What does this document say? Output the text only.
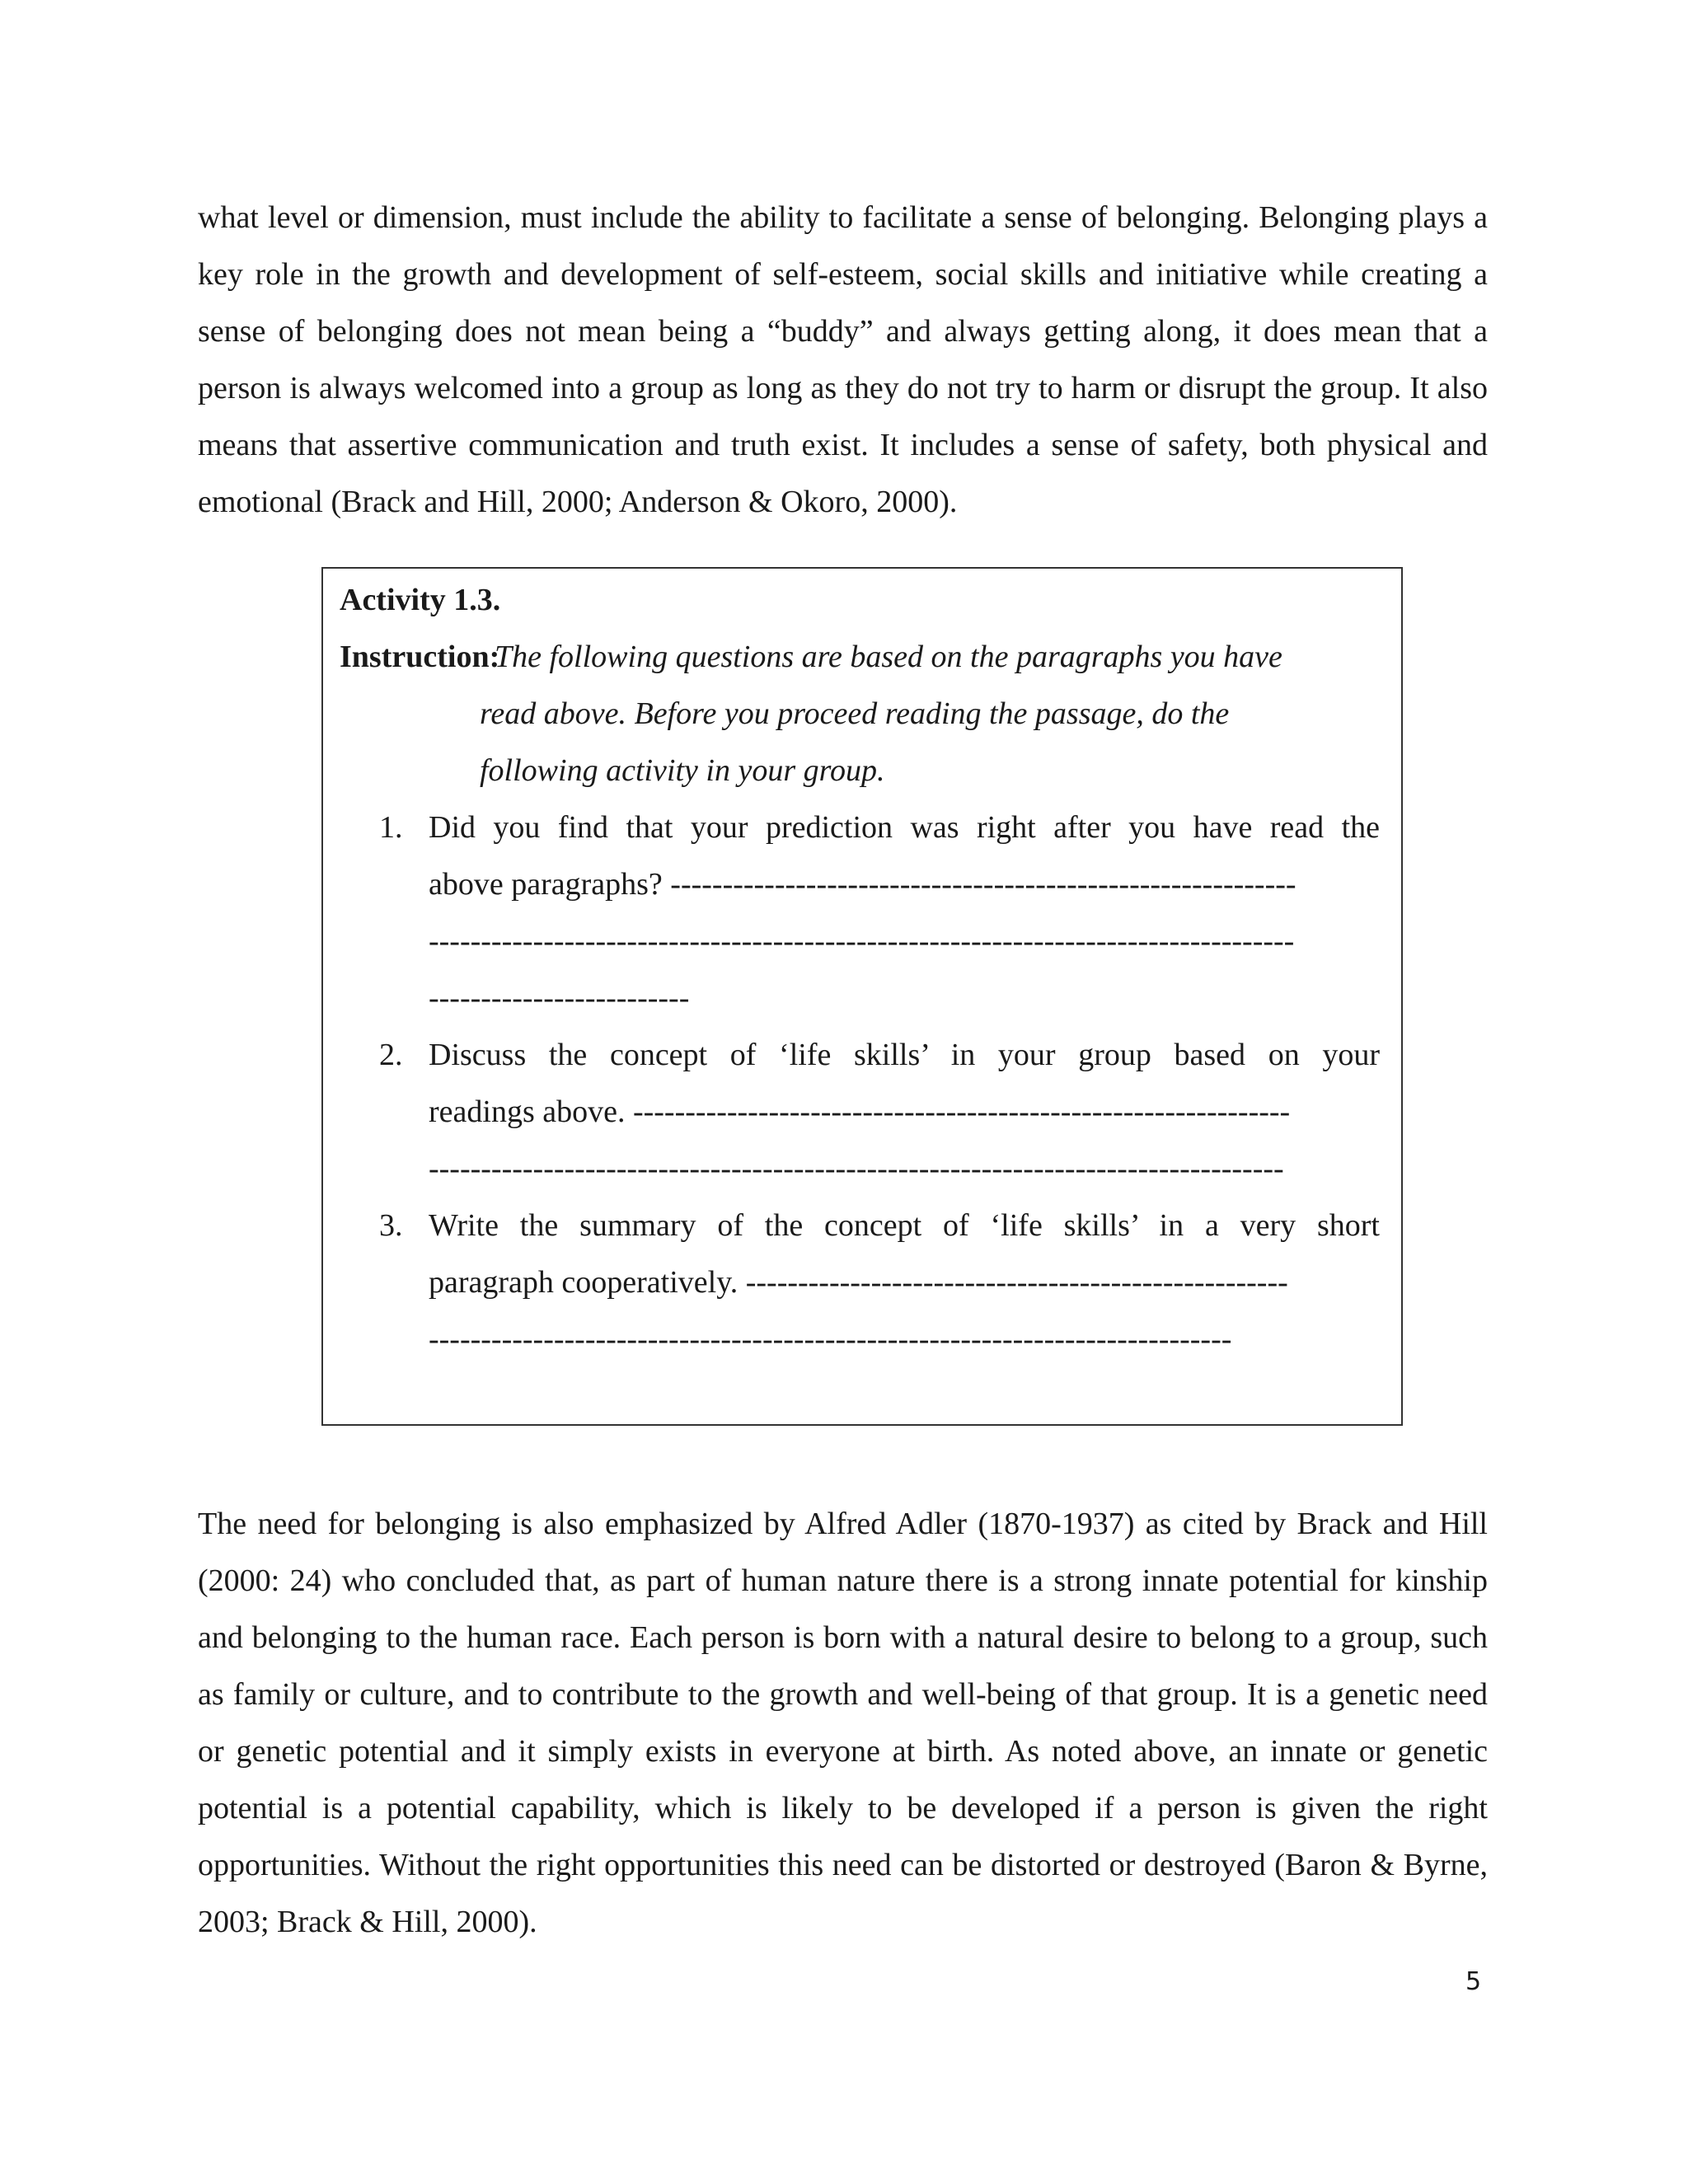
what level or dimension, must include the ability to facilitate a sense of belonging. Belonging plays a key role in the growth and development of self-esteem, social skills and initiative while creating a sense of belonging does not mean being a “buddy” and always getting along, it does mean that a person is always welcomed into a group as long as they do not try to harm or disrupt the group. It also means that assertive communication and truth exist. It includes a sense of safety, both physical and emotional (Brack and Hill, 2000; Anderson & Okoro, 2000).

Activity 1.3.
Instruction:
The following questions are based on the paragraphs you have
read above. Before you proceed reading the passage, do the
following activity in your group.
1. Did you find that your prediction was right after you have read the
above paragraphs? ------------------------------------------------------------
-----------------------------------------------------------------------------------
-------------------------
2. Discuss the concept of ‘life skills’ in your group based on your
readings above. ---------------------------------------------------------------
----------------------------------------------------------------------------------
3. Write the summary of the concept of ‘life skills’ in a very short
paragraph cooperatively. ----------------------------------------------------
-----------------------------------------------------------------------------

The need for belonging is also emphasized by Alfred Adler (1870-1937) as cited by Brack and Hill (2000: 24) who concluded that, as part of human nature there is a strong innate potential for kinship and belonging to the human race. Each person is born with a natural desire to belong to a group, such as family or culture, and to contribute to the growth and well-being of that group. It is a genetic need or genetic potential and it simply exists in everyone at birth. As noted above, an innate or genetic potential is a potential capability, which is likely to be developed if a person is given the right opportunities. Without the right opportunities this need can be distorted or destroyed (Baron & Byrne, 2003; Brack & Hill, 2000).

5
